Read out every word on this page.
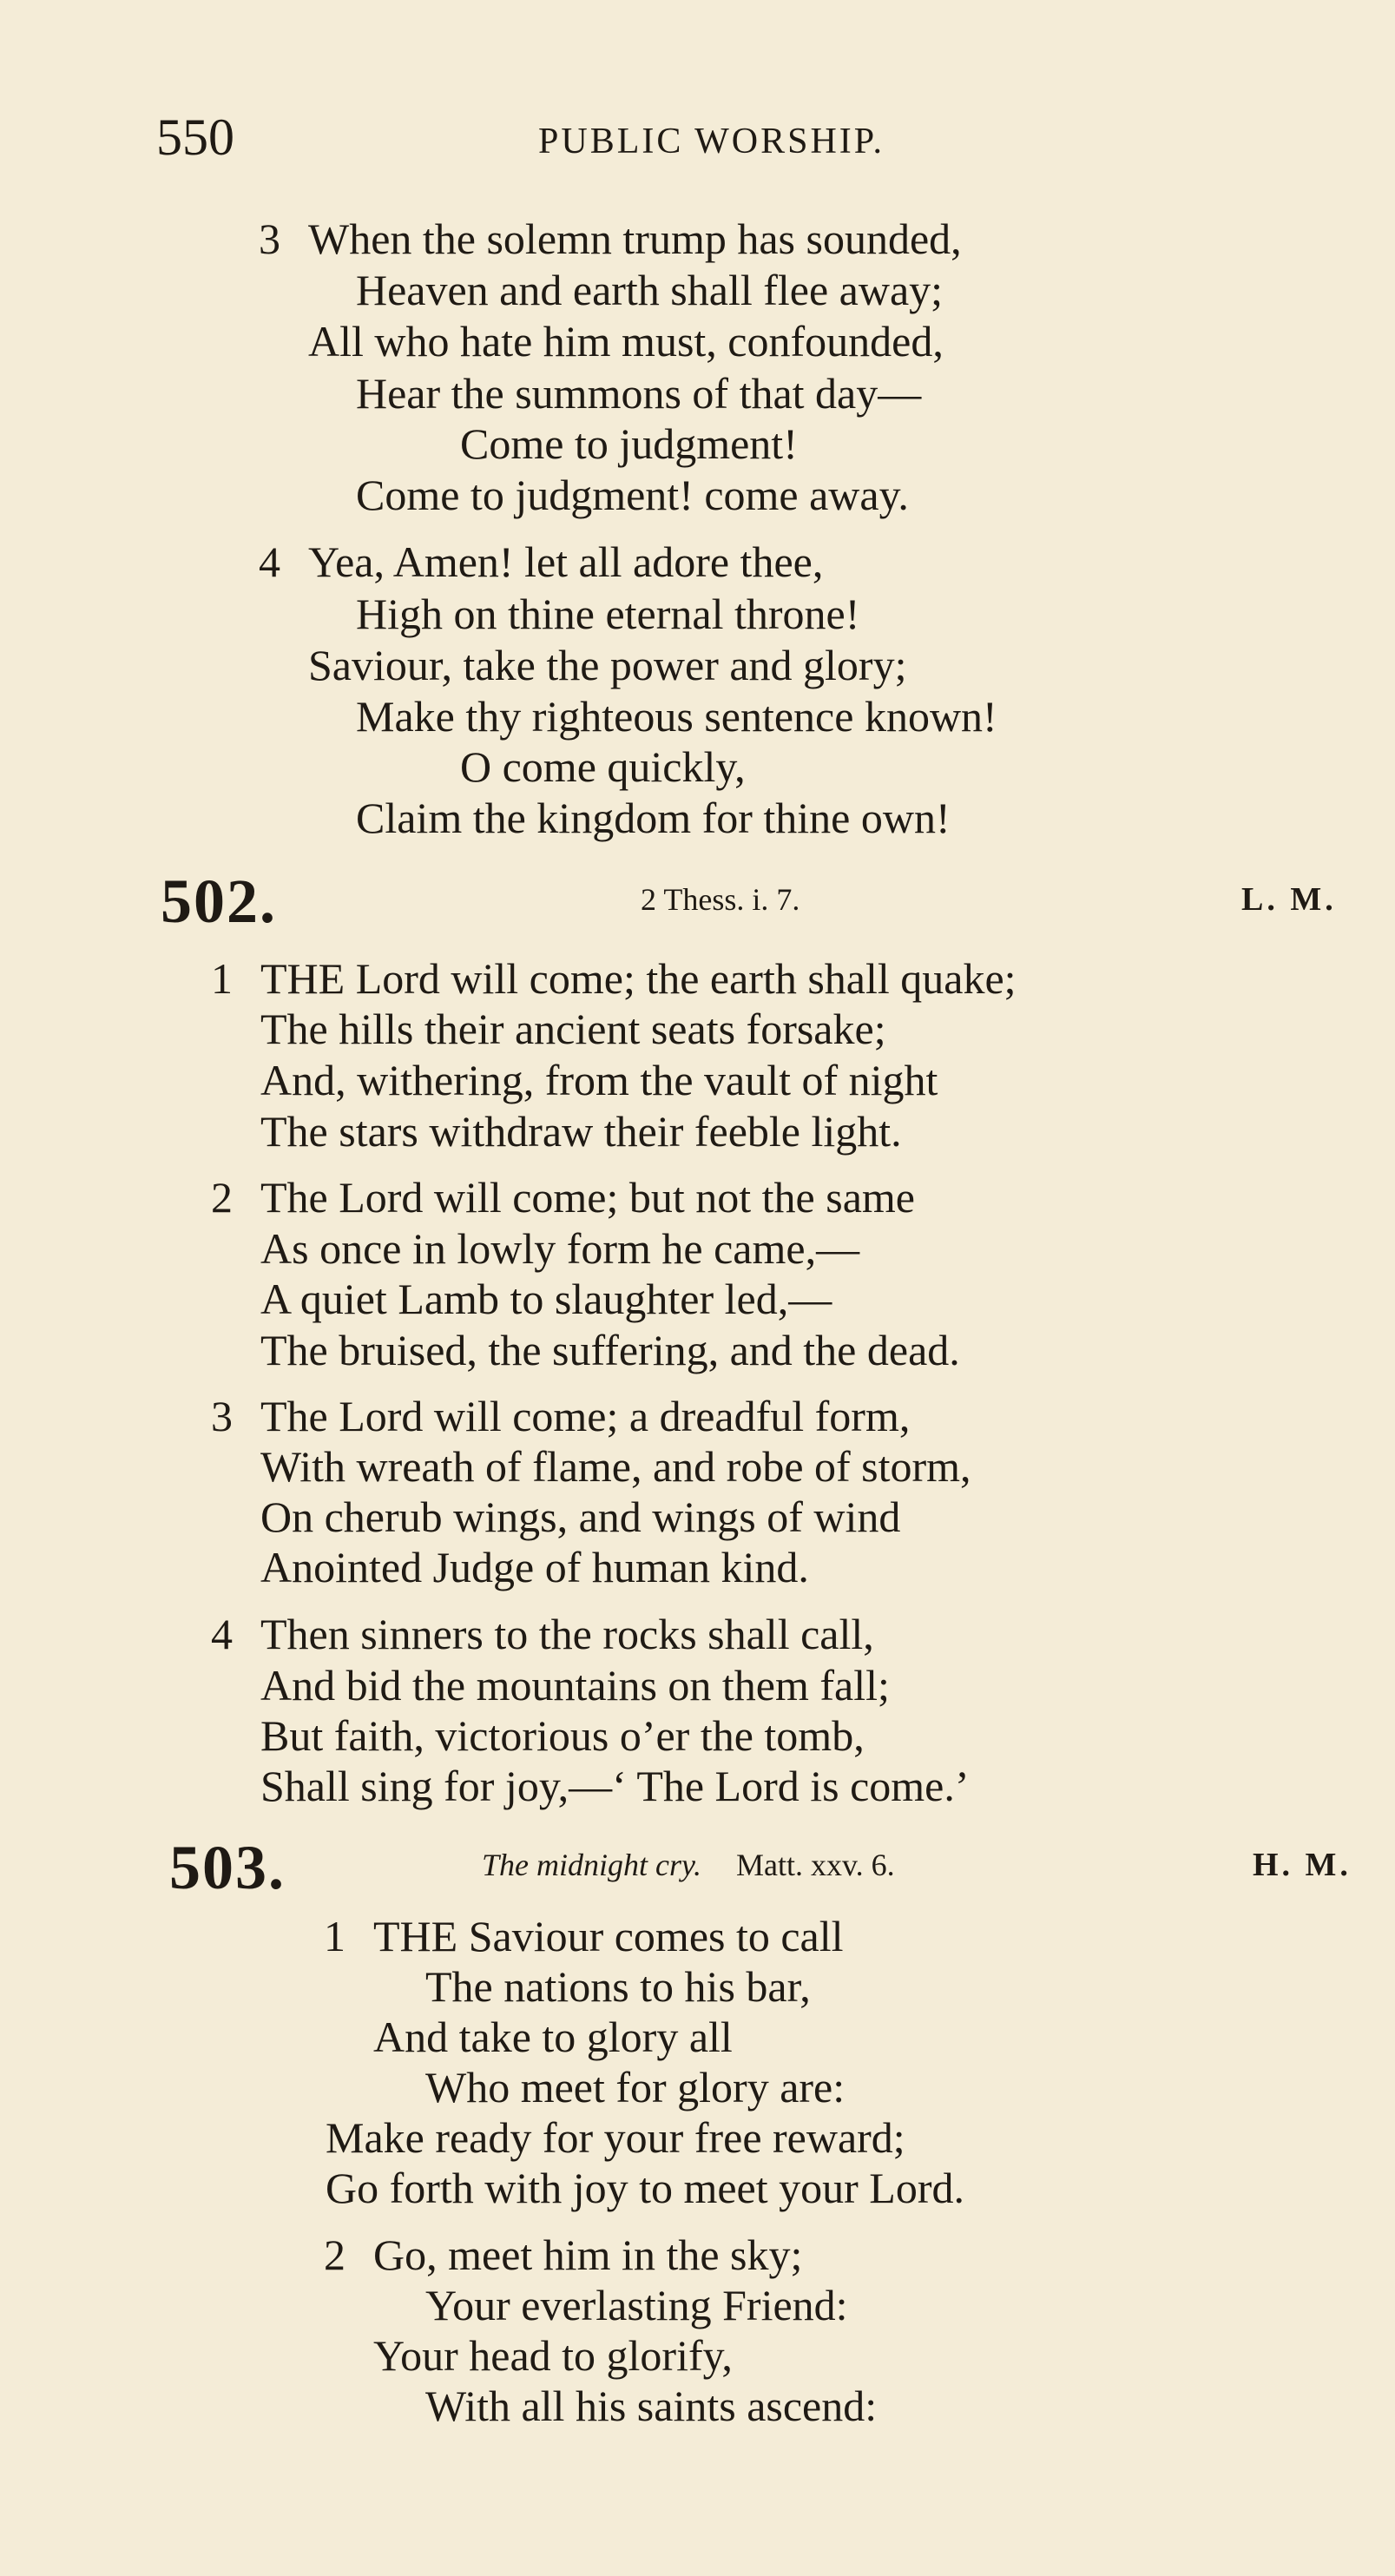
550	PUBLIC WORSHIP.
3 When the solemn trump has sounded,
Heaven and earth shall flee away;
All who hate him must, confounded,
Hear the summons of that day—
Come to judgment!
Come to judgment! come away.
4 Yea, Amen! let all adore thee,
High on thine eternal throne!
Saviour, take the power and glory;
Make thy righteous sentence known!
O come quickly,
Claim the kingdom for thine own!
502.	2 Thess. i. 7.	L. M.
1 THE Lord will come; the earth shall quake;
The hills their ancient seats forsake;
And, withering, from the vault of night
The stars withdraw their feeble light.
2 The Lord will come; but not the same
As once in lowly form he came,—
A quiet Lamb to slaughter led,—
The bruised, the suffering, and the dead.
3 The Lord will come; a dreadful form,
With wreath of flame, and robe of storm,
On cherub wings, and wings of wind
Anointed Judge of human kind.
4 Then sinners to the rocks shall call,
And bid the mountains on them fall;
But faith, victorious o’er the tomb,
Shall sing for joy,—‘ The Lord is come.’
503.	The midnight cry. Matt. xxv. 6.	H. M.
1 THE Saviour comes to call
The nations to his bar,
And take to glory all
Who meet for glory are:
Make ready for your free reward;
Go forth with joy to meet your Lord.
2 Go, meet him in the sky;
Your everlasting Friend:
Your head to glorify,
With all his saints ascend:
